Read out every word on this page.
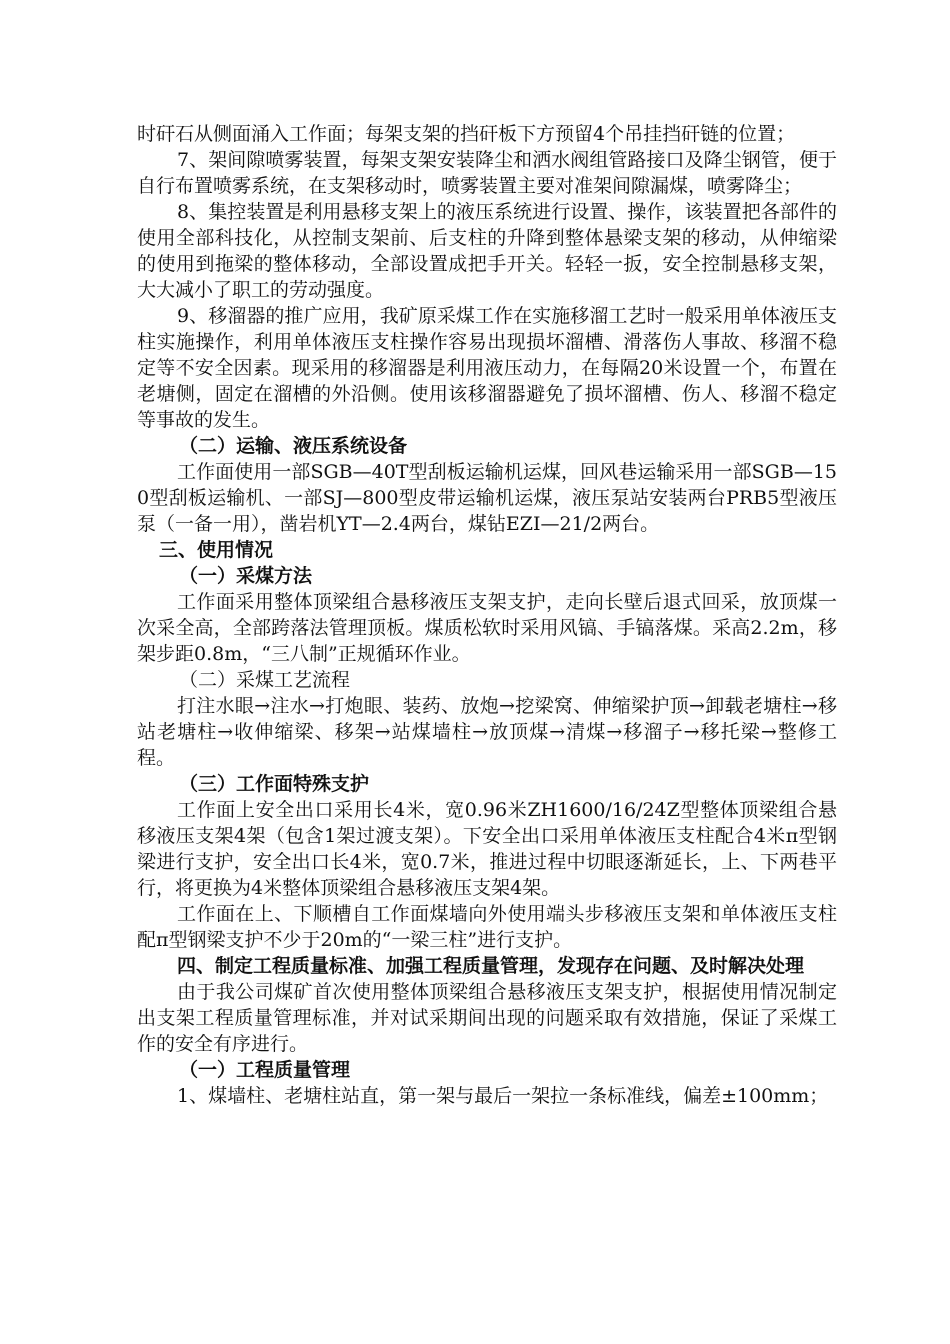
时矸石从侧面涌入工作面；每架支架的挡矸板下方预留4个吊挂挡矸链的位置；

7、架间隙喷雾装置，每架支架安装降尘和洒水阀组管路接口及降尘钢管，便于自行布置喷雾系统，在支架移动时，喷雾装置主要对准架间隙漏煤，喷雾降尘；

8、集控装置是利用悬移支架上的液压系统进行设置、操作，该装置把各部件的使用全部科技化，从控制支架前、后支柱的升降到整体悬梁支架的移动，从伸缩梁的使用到拖梁的整体移动，全部设置成把手开关。轻轻一扳，安全控制悬移支架，大大减小了职工的劳动强度。

9、移溜器的推广应用，我矿原采煤工作在实施移溜工艺时一般采用单体液压支柱实施操作，利用单体液压支柱操作容易出现损坏溜槽、滑落伤人事故、移溜不稳定等不安全因素。现采用的移溜器是利用液压动力，在每隔20米设置一个，布置在老塘侧，固定在溜槽的外沿侧。使用该移溜器避免了损坏溜槽、伤人、移溜不稳定等事故的发生。

（二）运输、液压系统设备

工作面使用一部SGB—40T型刮板运输机运煤，回风巷运输采用一部SGB—150型刮板运输机、一部SJ—800型皮带运输机运煤，液压泵站安装两台PRB5型液压泵（一备一用），凿岩机YT—2.4两台，煤钻EZI—21/2两台。

三、使用情况

（一）采煤方法

工作面采用整体顶梁组合悬移液压支架支护，走向长壁后退式回采，放顶煤一次采全高，全部跨落法管理顶板。煤质松软时采用风镐、手镐落煤。采高2.2m，移架步距0.8m，“三八制”正规循环作业。

（二）采煤工艺流程

打注水眼→注水→打炮眼、装药、放炮→挖梁窝、伸缩梁护顶→卸载老塘柱→移站老塘柱→收伸缩梁、移架→站煤墙柱→放顶煤→清煤→移溜子→移托梁→整修工程。

（三）工作面特殊支护

工作面上安全出口采用长4米，宽0.96米ZH1600/16/24Z型整体顶梁组合悬移液压支架4架（包含1架过渡支架）。下安全出口采用单体液压支柱配合4米π型钢梁进行支护，安全出口长4米，宽0.7米，推进过程中切眼逐渐延长，上、下两巷平行，将更换为4米整体顶梁组合悬移液压支架4架。

工作面在上、下顺槽自工作面煤墙向外使用端头步移液压支架和单体液压支柱配π型钢梁支护不少于20m的“一梁三柱”进行支护。

四、制定工程质量标准、加强工程质量管理，发现存在问题、及时解决处理

由于我公司煤矿首次使用整体顶梁组合悬移液压支架支护，根据使用情况制定出支架工程质量管理标准，并对试采期间出现的问题采取有效措施，保证了采煤工作的安全有序进行。

（一）工程质量管理

1、煤墙柱、老塘柱站直，第一架与最后一架拉一条标准线，偏差±100mm；
